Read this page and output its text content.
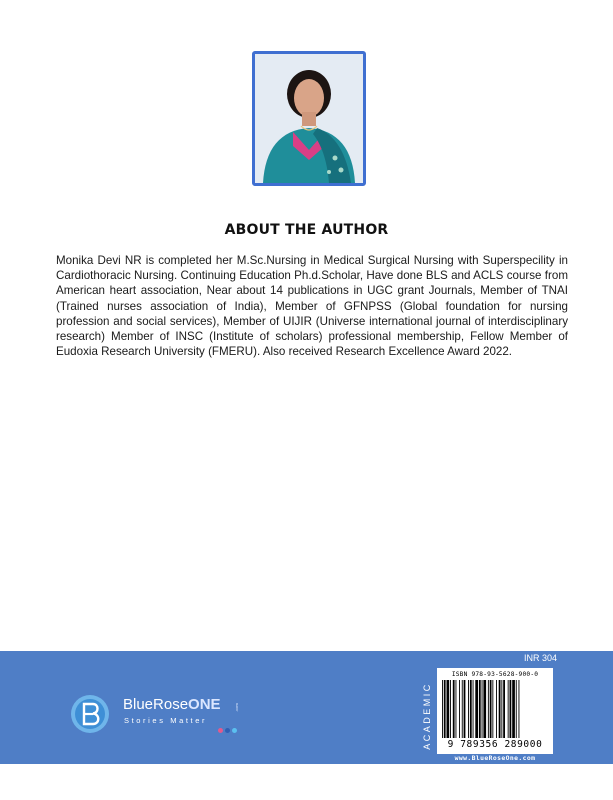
ABOUT THE AUTHOR

Monika Devi NR is completed her M.Sc.Nursing in Medical Surgical Nursing with Superspecility in Cardiothoracic Nursing. Continuing Education Ph.d.Scholar, Have done BLS and ACLS course from American heart association, Near about 14 publications in UGC grant Journals, Member of TNAI (Trained nurses association of India), Member of GFNPSS (Global foundation for nursing profession and social services), Member of UIJIR (Universe international journal of interdisciplinary research) Member of INSC (Institute of scholars) professional membership, Fellow Member of Eudoxia Research University (FMERU). Also received Research Excellence Award 2022.

BlueRoseONE	.com
Stories Matter
INR 304
ACADEMIC
ISBN 978-93-5628-900-0
9 789356 289000
www.BlueRoseOne.com
